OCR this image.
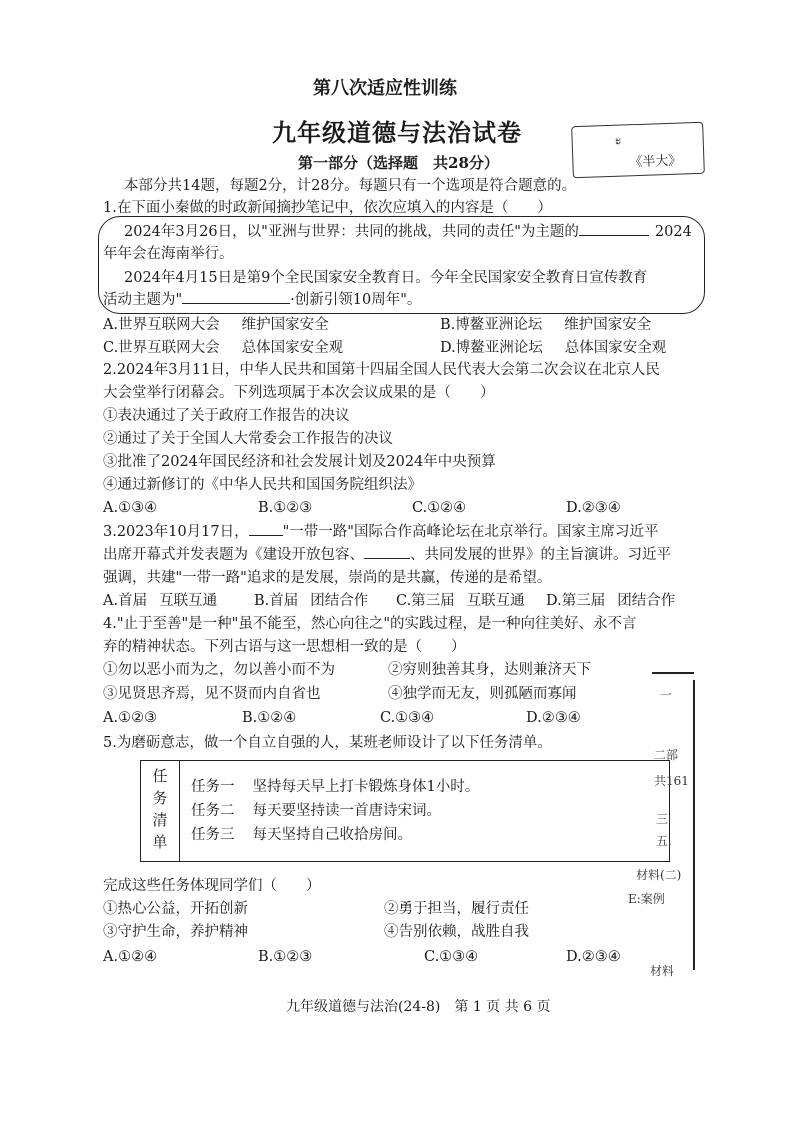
第八次适应性训练
九年级道德与法治试卷	ะ
《半大》
第一部分（选择题　共28分）
本部分共14题，每题2分，计28分。每题只有一个选项是符合题意的。
1.在下面小秦做的时政新闻摘抄笔记中，依次应填入的内容是（　　）
2024年3月26日，以"亚洲与世界：共同的挑战，共同的责任"为主题的	2024
年年会在海南举行。
2024年4月15日是第9个全民国家安全教育日。今年全民国家安全教育日宣传教育
活动主题为"	·创新引领10周年"。
A.世界互联网大会 维护国家安全	B.博鳌亚洲论坛 维护国家安全
C.世界互联网大会 总体国家安全观	D.博鳌亚洲论坛 总体国家安全观
2.2024年3月11日，中华人民共和国第十四届全国人民代表大会第二次会议在北京人民
大会堂举行闭幕会。下列选项属于本次会议成果的是（　　）
①表决通过了关于政府工作报告的决议
②通过了关于全国人大常委会工作报告的决议
③批准了2024年国民经济和社会发展计划及2024年中央预算
④通过新修订的《中华人民共和国国务院组织法》
A.①③④	B.①②③	C.①②④	D.②③④
3.2023年10月17日， "一带一路"国际合作高峰论坛在北京举行。国家主席习近平
出席开幕式并发表题为《建设开放包容、	、共同发展的世界》的主旨演讲。习近平
强调，共建"一带一路"追求的是发展，崇尚的是共赢，传递的是希望。
A.首届 互联互通	B.首届 团结合作 C.第三届 互联互通 D.第三届 团结合作
4."止于至善"是一种"虽不能至，然心向往之"的实践过程，是一种向往美好、永不言
弃的精神状态。下列古语与这一思想相一致的是（　　）
①勿以恶小而为之，勿以善小而不为	②穷则独善其身，达则兼济天下
③见贤思齐焉，见不贤而内自省也	④独学而无友，则孤陋而寡闻
A.①②③	B.①②④	C.①③④	D.②③④
5.为磨砺意志，做一个自立自强的人，某班老师设计了以下任务清单。
任
务
清
单
任务一 坚持每天早上打卡锻炼身体1小时。
任务二 每天要坚持读一首唐诗宋词。
任务三 每天坚持自己收拾房间。
完成这些任务体现同学们（　　）
①热心公益，开拓创新	②勇于担当，履行责任
③守护生命，养护精神	④告别依赖，战胜自我
A.①②④	B.①②③	C.①③④	D.②③④
一
二部
共161
三
五.
材料(二)
E:案例
材料
九年级道德与法治(24-8)　第 1 页 共 6 页
